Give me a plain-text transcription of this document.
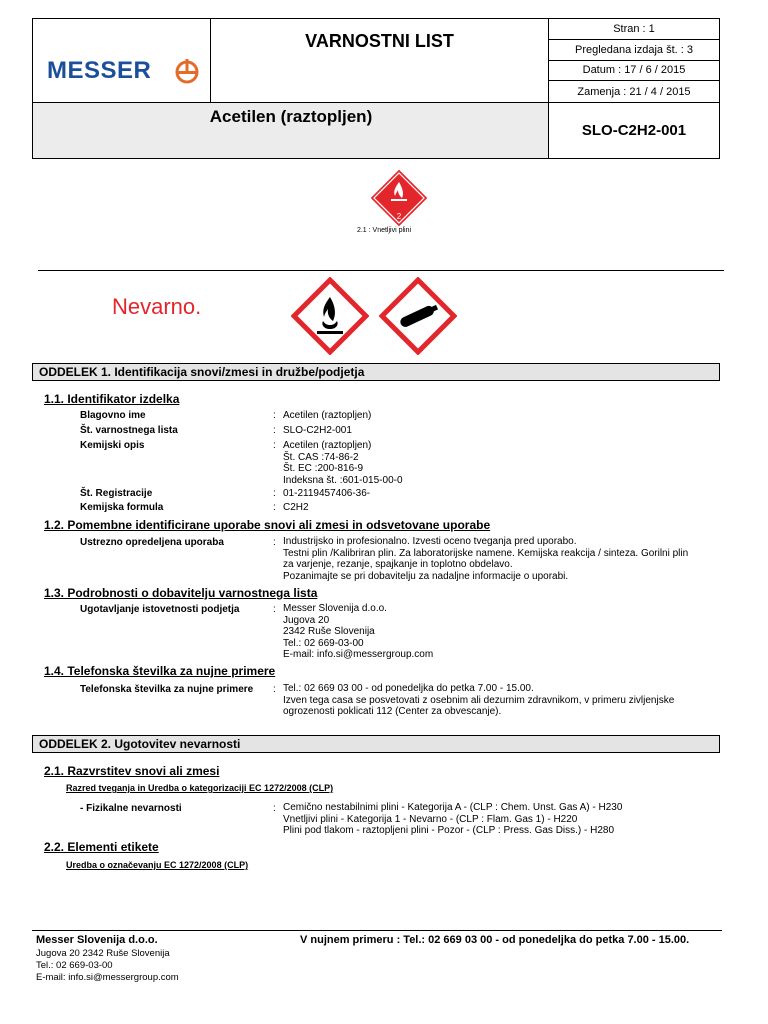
MESSER
VARNOSTNI LIST
Stran : 1
Pregledana izdaja št. : 3
Datum : 17 / 6 / 2015
Zamenja : 21 / 4 / 2015
Acetilen (raztopljen)
SLO-C2H2-001
2
2.1 : Vnetljivi plini
Nevarno.
ODDELEK 1. Identifikacija snovi/zmesi in družbe/podjetja
1.1. Identifikator izdelka
Blagovno ime	: Acetilen (raztopljen)
Št. varnostnega lista	: SLO-C2H2-001
Kemijski opis	: Acetilen (raztopljen)
Št. CAS :74-86-2
Št. EC :200-816-9
Indeksna št. :601-015-00-0
Št. Registracije	: 01-2119457406-36-
Kemijska formula	: C2H2
1.2. Pomembne identificirane uporabe snovi ali zmesi in odsvetovane uporabe
Ustrezno opredeljena uporaba	: Industrijsko in profesionalno. Izvesti oceno tveganja pred uporabo.
Testni plin /Kalibriran plin. Za laboratorijske namene. Kemijska reakcija / sinteza. Gorilni plin
za varjenje, rezanje, spajkanje in toplotno obdelavo.
Pozanimajte se pri dobavitelju za nadaljne informacije o uporabi.
1.3. Podrobnosti o dobavitelju varnostnega lista
Ugotavljanje istovetnosti podjetja	: Messer Slovenija d.o.o.
Jugova 20
2342 Ruše Slovenija
Tel.: 02 669-03-00
E-mail: info.si@messergroup.com
1.4. Telefonska številka za nujne primere
Telefonska številka za nujne primere : Tel.: 02 669 03 00 - od ponedeljka do petka 7.00 - 15.00.
Izven tega casa se posvetovati z osebnim ali dezurnim zdravnikom, v primeru zivljenjske
ogrozenosti poklicati 112 (Center za obvescanje).
ODDELEK 2. Ugotovitev nevarnosti
2.1. Razvrstitev snovi ali zmesi
Razred tveganja in Uredba o kategorizaciji EC 1272/2008 (CLP)
- Fizikalne nevarnosti	: Cemično nestabilnimi plini - Kategorija A - (CLP : Chem. Unst. Gas A) - H230
Vnetljivi plini - Kategorija 1 - Nevarno - (CLP : Flam. Gas 1) - H220
Plini pod tlakom - raztopljeni plini - Pozor - (CLP : Press. Gas Diss.) - H280
2.2. Elementi etikete
Uredba o označevanju EC 1272/2008 (CLP)
Messer Slovenija d.o.o.
Jugova 20 2342 Ruše Slovenija
Tel.: 02 669-03-00
E-mail: info.si@messergroup.com
V nujnem primeru : Tel.: 02 669 03 00 - od ponedeljka do petka 7.00 - 15.00.
